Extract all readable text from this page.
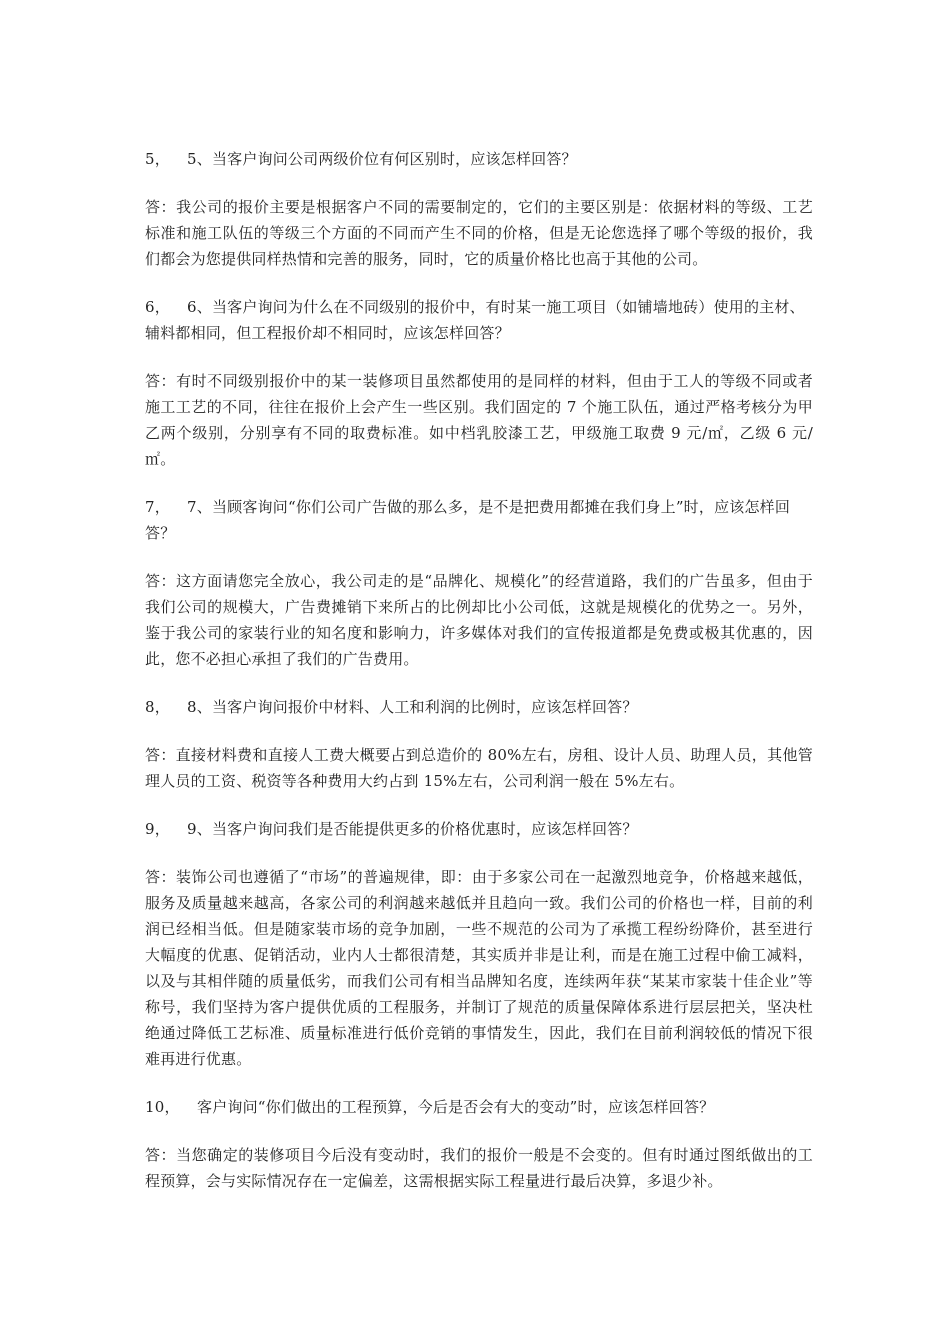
5， 5、当客户询问公司两级价位有何区别时，应该怎样回答？

答：我公司的报价主要是根据客户不同的需要制定的，它们的主要区别是：依据材料的等级、工艺标准和施工队伍的等级三个方面的不同而产生不同的价格，但是无论您选择了哪个等级的报价，我们都会为您提供同样热情和完善的服务，同时，它的质量价格比也高于其他的公司。

6， 6、当客户询问为什么在不同级别的报价中，有时某一施工项目（如铺墙地砖）使用的主材、辅料都相同，但工程报价却不相同时，应该怎样回答？

答：有时不同级别报价中的某一装修项目虽然都使用的是同样的材料，但由于工人的等级不同或者施工工艺的不同，往往在报价上会产生一些区别。我们固定的 7 个施工队伍，通过严格考核分为甲乙两个级别，分别享有不同的取费标准。如中档乳胶漆工艺，甲级施工取费 9 元/㎡，乙级 6 元/㎡。

7， 7、当顾客询问“你们公司广告做的那么多，是不是把费用都摊在我们身上”时，应该怎样回答？

答：这方面请您完全放心，我公司走的是“品牌化、规模化”的经营道路，我们的广告虽多，但由于我们公司的规模大，广告费摊销下来所占的比例却比小公司低，这就是规模化的优势之一。另外，鉴于我公司的家装行业的知名度和影响力，许多媒体对我们的宣传报道都是免费或极其优惠的，因此，您不必担心承担了我们的广告费用。

8， 8、当客户询问报价中材料、人工和利润的比例时，应该怎样回答？

答：直接材料费和直接人工费大概要占到总造价的 80%左右，房租、设计人员、助理人员，其他管理人员的工资、税资等各种费用大约占到 15%左右，公司利润一般在 5%左右。

9， 9、当客户询问我们是否能提供更多的价格优惠时，应该怎样回答？

答：装饰公司也遵循了“市场”的普遍规律，即：由于多家公司在一起激烈地竞争，价格越来越低，服务及质量越来越高，各家公司的利润越来越低并且趋向一致。我们公司的价格也一样，目前的利润已经相当低。但是随家装市场的竞争加剧，一些不规范的公司为了承揽工程纷纷降价，甚至进行大幅度的优惠、促销活动，业内人士都很清楚，其实质并非是让利，而是在施工过程中偷工减料，以及与其相伴随的质量低劣，而我们公司有相当品牌知名度，连续两年获“某某市家装十佳企业”等称号，我们坚持为客户提供优质的工程服务，并制订了规范的质量保障体系进行层层把关，坚决杜绝通过降低工艺标准、质量标准进行低价竞销的事情发生，因此，我们在目前利润较低的情况下很难再进行优惠。

10， 客户询问“你们做出的工程预算，今后是否会有大的变动”时，应该怎样回答？

答：当您确定的装修项目今后没有变动时，我们的报价一般是不会变的。但有时通过图纸做出的工程预算，会与实际情况存在一定偏差，这需根据实际工程量进行最后决算，多退少补。
